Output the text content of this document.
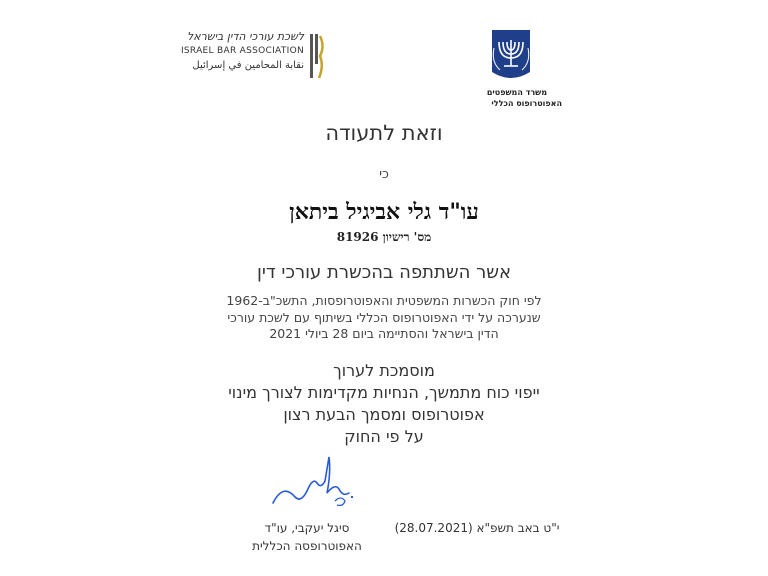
לשכת עורכי הדין בישראל
ISRAEL BAR ASSOCIATION
نقابة المحامين في إسرائيل
משרד המשפטים
האפוטרופוס הכללי
וזאת לתעודה
כי
עו"ד גלי אביגיל ביתאן
מס' רישיון 81926
אשר השתתפה בהכשרת עורכי דין
לפי חוק הכשרות המשפטית והאפוטרופסות, התשכ"ב-1962
שנערכה על ידי האפוטרופוס הכללי בשיתוף עם לשכת עורכי
הדין בישראל והסתיימה ביום 28 ביולי 2021
מוסמכת לערוך
ייפוי כוח מתמשך, הנחיות מקדימות לצורך מינוי
אפוטרופוס ומסמך הבעת רצון
על פי החוק
סיגל יעקבי, עו"ד
האפוטרופסה הכללית
י"ט באב תשפ"א (28.07.2021)
